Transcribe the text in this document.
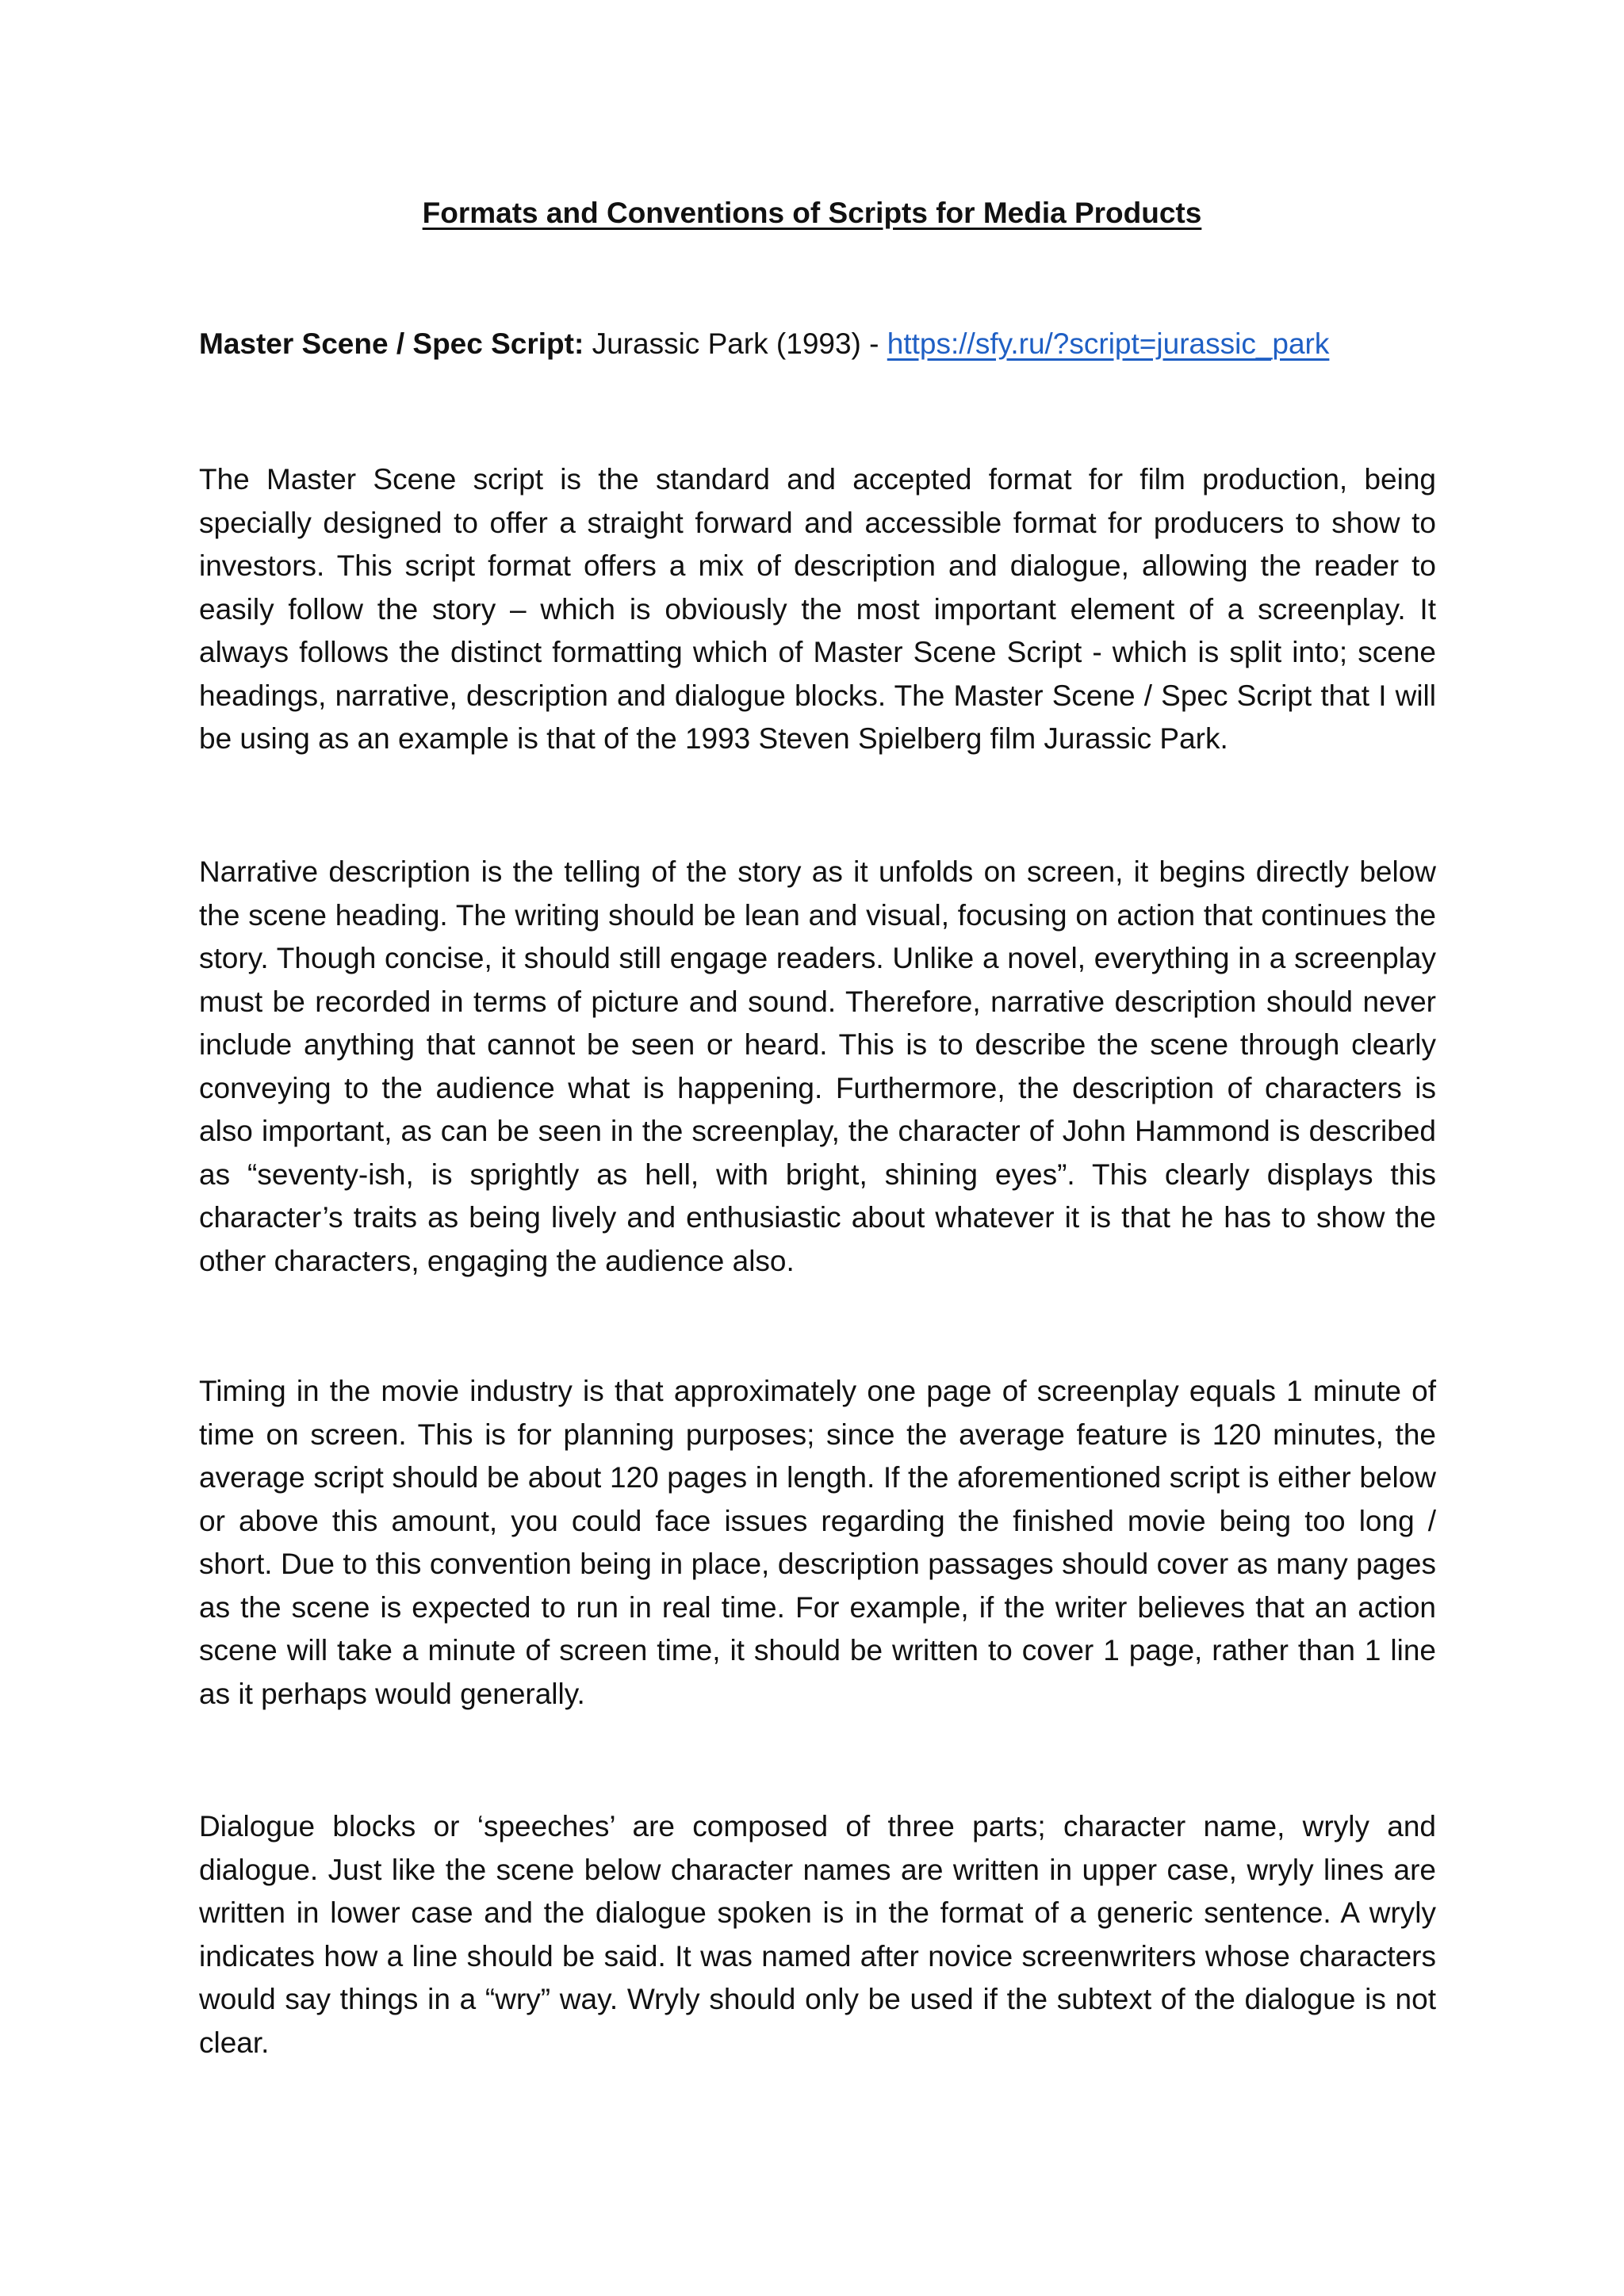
Formats and Conventions of Scripts for Media Products

Master Scene / Spec Script: Jurassic Park (1993) - https://sfy.ru/?script=jurassic_park

The Master Scene script is the standard and accepted format for film production, being specially designed to offer a straight forward and accessible format for producers to show to investors. This script format offers a mix of description and dialogue, allowing the reader to easily follow the story – which is obviously the most important element of a screenplay. It always follows the distinct formatting which of Master Scene Script - which is split into; scene headings, narrative, description and dialogue blocks. The Master Scene / Spec Script that I will be using as an example is that of the 1993 Steven Spielberg film Jurassic Park.

Narrative description is the telling of the story as it unfolds on screen, it begins directly below the scene heading. The writing should be lean and visual, focusing on action that continues the story. Though concise, it should still engage readers. Unlike a novel, everything in a screenplay must be recorded in terms of picture and sound. Therefore, narrative description should never include anything that cannot be seen or heard. This is to describe the scene through clearly conveying to the audience what is happening. Furthermore, the description of characters is also important, as can be seen in the screenplay, the character of John Hammond is described as “seventy-ish, is sprightly as hell, with bright, shining eyes”. This clearly displays this character’s traits as being lively and enthusiastic about whatever it is that he has to show the other characters, engaging the audience also.

Timing in the movie industry is that approximately one page of screenplay equals 1 minute of time on screen. This is for planning purposes; since the average feature is 120 minutes, the average script should be about 120 pages in length. If the aforementioned script is either below or above this amount, you could face issues regarding the finished movie being too long / short. Due to this convention being in place, description passages should cover as many pages as the scene is expected to run in real time. For example, if the writer believes that an action scene will take a minute of screen time, it should be written to cover 1 page, rather than 1 line as it perhaps would generally.

Dialogue blocks or ‘speeches’ are composed of three parts; character name, wryly and dialogue. Just like the scene below character names are written in upper case, wryly lines are written in lower case and the dialogue spoken is in the format of a generic sentence. A wryly indicates how a line should be said. It was named after novice screenwriters whose characters would say things in a “wry” way. Wryly should only be used if the subtext of the dialogue is not clear.
